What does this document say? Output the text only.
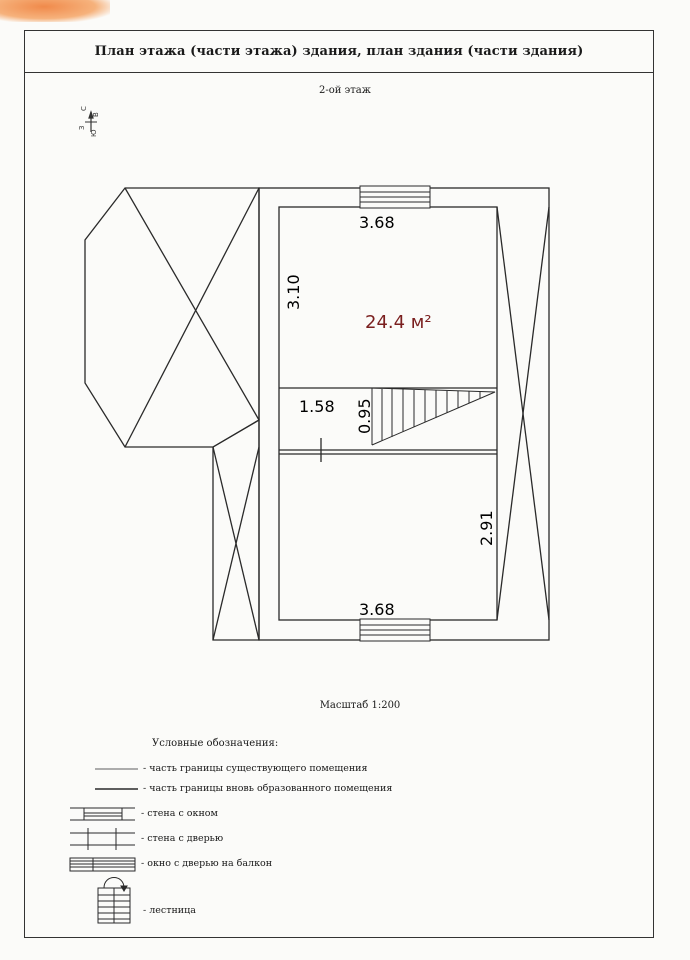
План этажа (части этажа) здания, план здания (части здания)
2-ой этаж
С
Ю
З
В
3.68
3.10
24.4 м²
1.58 0.95
2.91
3.68
Масштаб 1:200
Условные обозначения:
- часть границы существующего помещения
- часть границы вновь образованного помещения
- стена с окном
- стена с дверью
- окно с дверью на балкон
- лестница
